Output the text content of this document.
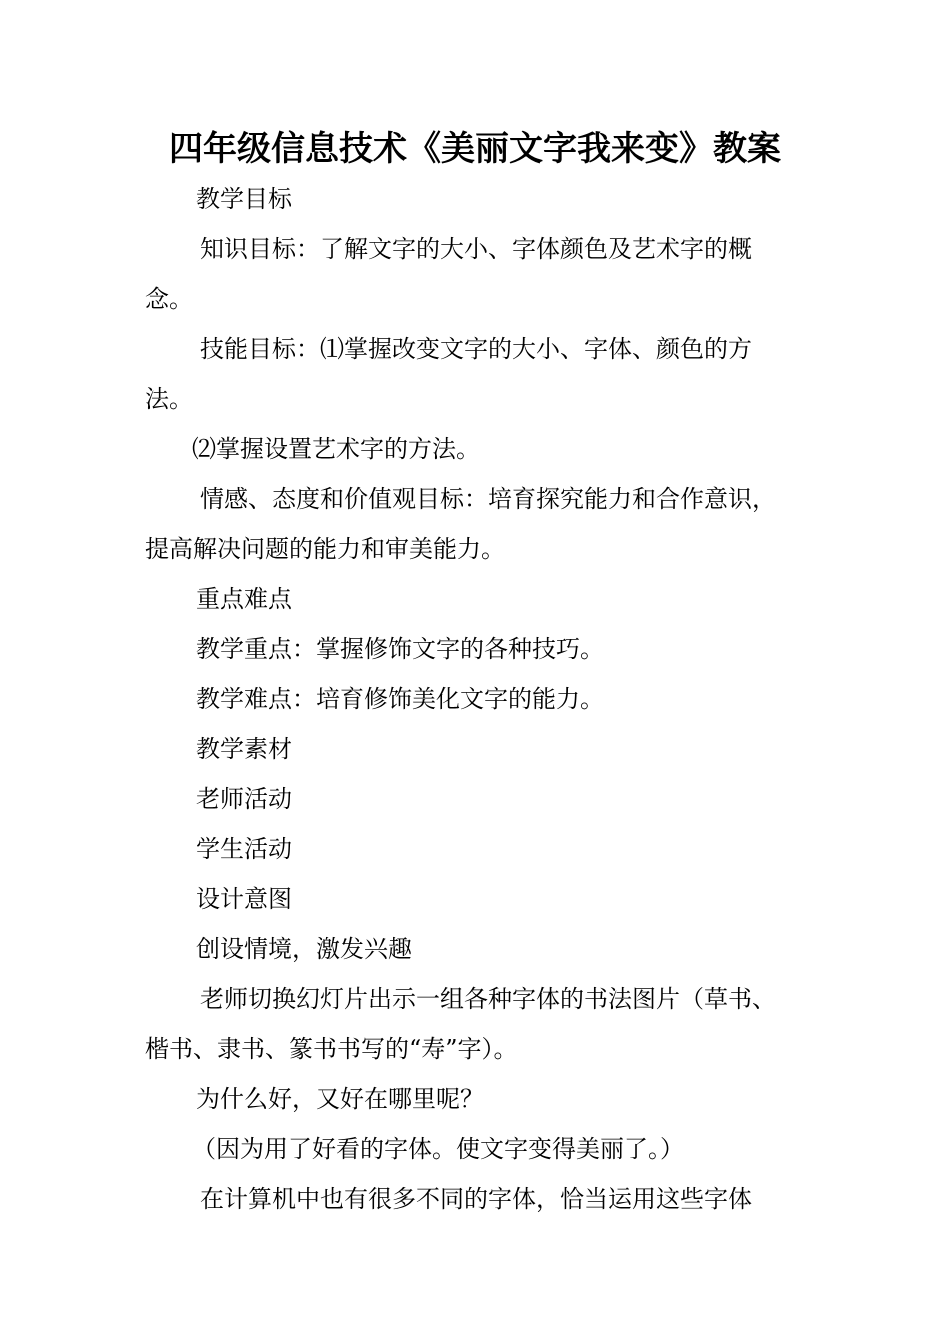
四年级信息技术《美丽文字我来变》教案
教学目标
知识目标：了解文字的大小、字体颜色及艺术字的概
念。
技能目标：⑴掌握改变文字的大小、字体、颜色的方
法。
⑵掌握设置艺术字的方法。
情感、态度和价值观目标：培育探究能力和合作意识，
提高解决问题的能力和审美能力。
重点难点
教学重点：掌握修饰文字的各种技巧。
教学难点：培育修饰美化文字的能力。
教学素材
老师活动
学生活动
设计意图
创设情境，激发兴趣
老师切换幻灯片出示一组各种字体的书法图片（草书、
楷书、隶书、篆书书写的“寿”字）。
为什么好，又好在哪里呢？
（因为用了好看的字体。使文字变得美丽了。）
在计算机中也有很多不同的字体，恰当运用这些字体
